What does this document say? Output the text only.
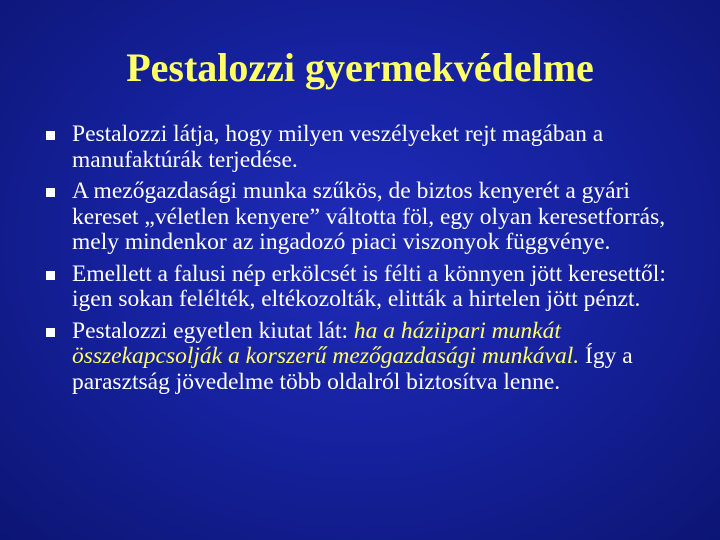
Pestalozzi gyermekvédelme
Pestalozzi látja, hogy milyen veszélyeket rejt magában a manufaktúrák terjedése.
A mezőgazdasági munka szűkös, de biztos kenyerét a gyári kereset „véletlen kenyere” váltotta föl, egy olyan keresetforrás, mely mindenkor az ingadozó piaci viszonyok függvénye.
Emellett a falusi nép erkölcsét is félti a könnyen jött keresettől: igen sokan felélték, eltékozolták, elitták a hirtelen jött pénzt.
Pestalozzi egyetlen kiutat lát: ha a háziipari munkát összekapcsolják a korszerű mezőgazdasági munkával. Így a parasztság jövedelme több oldalról biztosítva lenne.
